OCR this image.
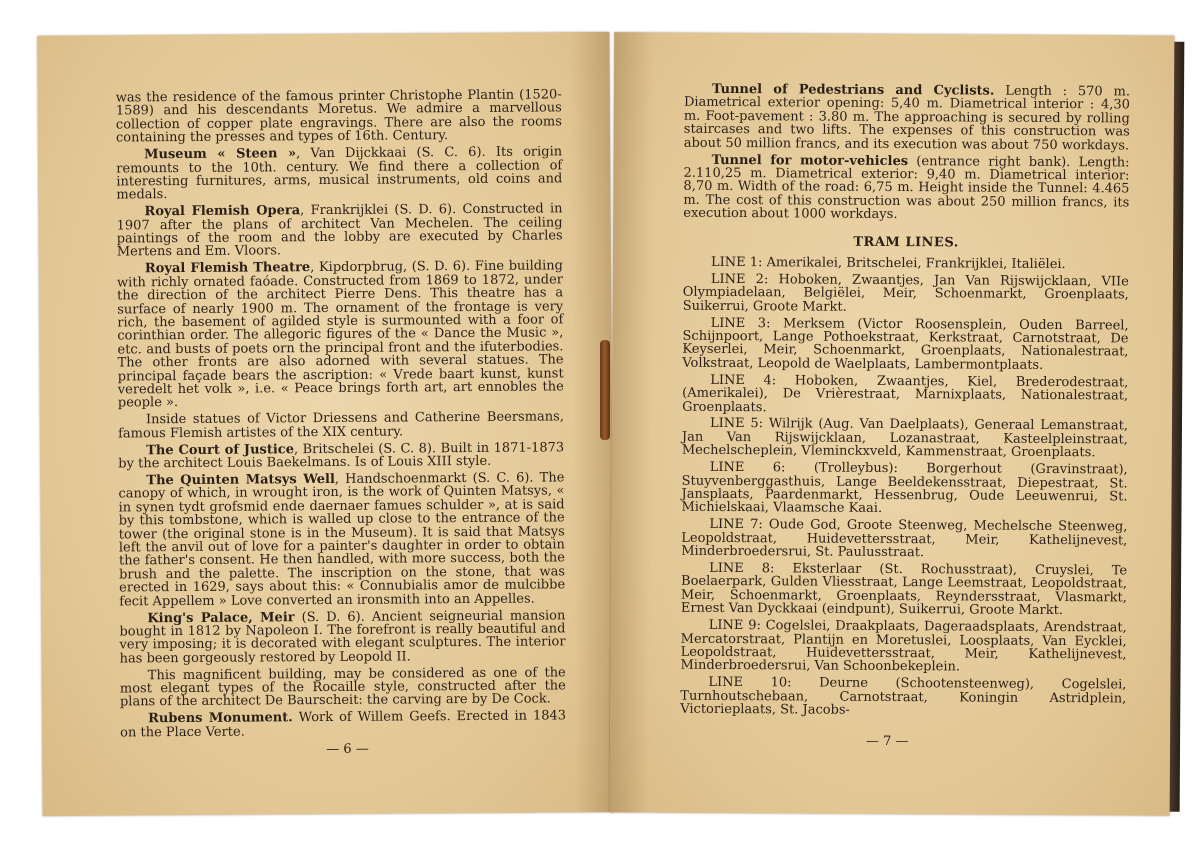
was the residence of the famous printer Christophe Plantin (1520-1589) and his descendants Moretus. We admire a marvellous collection of copper plate engravings. There are also the rooms containing the presses and types of 16th. Century.

Museum « Steen », Van Dijckkaai (S. C. 6). Its origin remounts to the 10th. century. We find there a collection of interesting furnitures, arms, musical instruments, old coins and medals.

Royal Flemish Opera, Frankrijklei (S. D. 6). Constructed in 1907 after the plans of architect Van Mechelen. The ceiling paintings of the room and the lobby are executed by Charles Mertens and Em. Vloors.

Royal Flemish Theatre, Kipdorpbrug, (S. D. 6). Fine building with richly ornated faóade. Constructed from 1869 to 1872, under the direction of the architect Pierre Dens. This theatre has a surface of nearly 1900 m. The ornament of the frontage is very rich, the basement of agilded style is surmounted with a foor of corinthian order. The allegoric figures of the « Dance the Music », etc. and busts of poets orn the principal front and the ifuterbodies. The other fronts are also adorned with several statues. The principal façade bears the ascription: « Vrede baart kunst, kunst veredelt het volk », i.e. « Peace brings forth art, art ennobles the people ».

Inside statues of Victor Driessens and Catherine Beersmans, famous Flemish artistes of the XIX century.

The Court of Justice, Britschelei (S. C. 8). Built in 1871-1873 by the architect Louis Baekelmans. Is of Louis XIII style.

The Quinten Matsys Well, Handschoenmarkt (S. C. 6). The canopy of which, in wrought iron, is the work of Quinten Matsys, « in synen tydt grofsmid ende daernaer famues schulder », at is said by this tombstone, which is walled up close to the entrance of the tower (the original stone is in the Museum). It is said that Matsys left the anvil out of love for a painter's daughter in order to obtain the father's consent. He then handled, with more success, both the brush and the palette. The inscription on the stone, that was erected in 1629, says about this: « Connubialis amor de mulcibbe fecit Appellem » Love converted an ironsmith into an Appelles.

King's Palace, Meir (S. D. 6). Ancient seigneurial mansion bought in 1812 by Napoleon I. The forefront is really beautiful and very imposing; it is decorated with elegant sculptures. The interior has been gorgeously restored by Leopold II.

This magnificent building, may be considered as one of the most elegant types of the Rocaille style, constructed after the plans of the architect De Baurscheit: the carving are by De Cock.

Rubens Monument. Work of Willem Geefs. Erected in 1843 on the Place Verte.

— 6 —

Tunnel of Pedestrians and Cyclists. Length : 570 m. Diametrical exterior opening: 5,40 m. Diametrical interior : 4,30 m. Foot-pavement : 3.80 m. The approaching is secured by rolling staircases and two lifts. The expenses of this construction was about 50 million francs, and its execution was about 750 workdays.

Tunnel for motor-vehicles (entrance right bank). Length: 2.110,25 m. Diametrical exterior: 9,40 m. Diametrical interior: 8,70 m. Width of the road: 6,75 m. Height inside the Tunnel: 4.465 m. The cost of this construction was about 250 million francs, its execution about 1000 workdays.

TRAM LINES.

LINE 1: Amerikalei, Britschelei, Frankrijklei, Italiëlei.

LINE 2: Hoboken, Zwaantjes, Jan Van Rijswijcklaan, VIIe Olympiadelaan, Belgiëlei, Meir, Schoenmarkt, Groenplaats, Suikerrui, Groote Markt.

LINE 3: Merksem (Victor Roosensplein, Ouden Barreel, Schijnpoort, Lange Pothoekstraat, Kerkstraat, Carnotstraat, De Keyserlei, Meir, Schoenmarkt, Groenplaats, Nationalestraat, Volkstraat, Leopold de Waelplaats, Lambermontplaats.

LINE 4: Hoboken, Zwaantjes, Kiel, Brederodestraat, (Amerikalei), De Vrièrestraat, Marnixplaats, Nationalestraat, Groenplaats.

LINE 5: Wilrijk (Aug. Van Daelplaats), Generaal Lemanstraat, Jan Van Rijswijcklaan, Lozanastraat, Kasteelpleinstraat, Mechelscheplein, Vleminckxveld, Kammenstraat, Groenplaats.

LINE 6: (Trolleybus): Borgerhout (Gravinstraat), Stuyvenberggasthuis, Lange Beeldekensstraat, Diepestraat, St. Jansplaats, Paardenmarkt, Hessenbrug, Oude Leeuwenrui, St. Michielskaai, Vlaamsche Kaai.

LINE 7: Oude God, Groote Steenweg, Mechelsche Steenweg, Leopoldstraat, Huidevettersstraat, Meir, Kathelijnevest, Minderbroedersrui, St. Paulusstraat.

LINE 8: Eksterlaar (St. Rochusstraat), Cruyslei, Te Boelaerpark, Gulden Vliesstraat, Lange Leemstraat, Leopoldstraat, Meir, Schoenmarkt, Groenplaats, Reyndersstraat, Vlasmarkt, Ernest Van Dyckkaai (eindpunt), Suikerrui, Groote Markt.

LINE 9: Cogelslei, Draakplaats, Dageraadsplaats, Arendstraat, Mercatorstraat, Plantijn en Moretuslei, Loosplaats, Van Eycklei, Leopoldstraat, Huidevettersstraat, Meir, Kathelijnevest, Minderbroedersrui, Van Schoonbekeplein.

LINE 10: Deurne (Schootensteenweg), Cogelslei, Turnhoutschebaan, Carnotstraat, Koningin Astridplein, Victorieplaats, St. Jacobs-

— 7 —
